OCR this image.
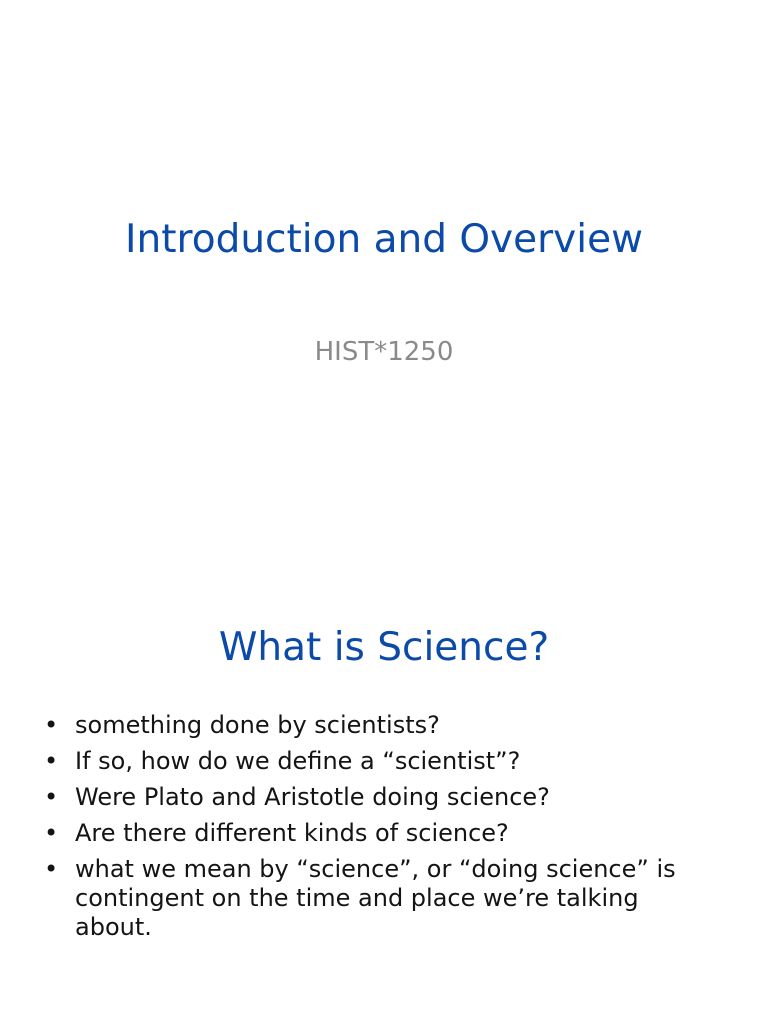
Introduction and Overview
HIST*1250
What is Science?
• something done by scientists?
• If so, how do we define a “scientist”?
• Were Plato and Aristotle doing science?
• Are there different kinds of science?
• what we mean by “science”, or “doing science” is
contingent on the time and place we’re talking
about.
